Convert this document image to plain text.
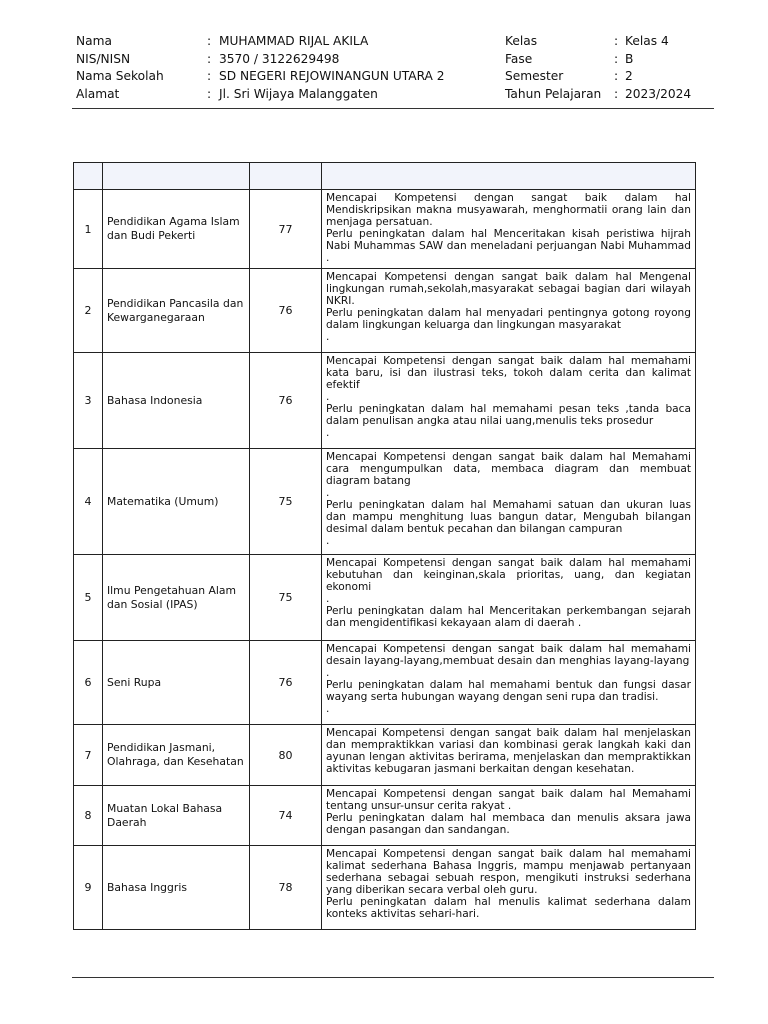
Nama	: MUHAMMAD RIJAL AKILA	Kelas	: Kelas 4
NIS/NISN	: 3570 / 3122629498	Fase	: B
Nama Sekolah	: SD NEGERI REJOWINANGUN UTARA 2	Semester	: 2
Alamat	: Jl. Sri Wijaya Malanggaten	Tahun Pelajaran : 2023/2024

1	Pendidikan Agama Islam dan Budi Pekerti	77	Mencapai Kompetensi dengan sangat baik dalam hal Mendiskripsikan makna musyawarah, menghormatii orang lain dan menjaga persatuan.

Perlu peningkatan dalam hal Menceritakan kisah peristiwa hijrah Nabi Muhammas SAW dan meneladani perjuangan Nabi Muhammad .

2	Pendidikan Pancasila dan Kewarganegaraan	76	Mencapai Kompetensi dengan sangat baik dalam hal Mengenal lingkungan rumah,sekolah,masyarakat sebagai bagian dari wilayah NKRI.

Perlu peningkatan dalam hal menyadari pentingnya gotong royong dalam lingkungan keluarga dan lingkungan masyarakat

.

3	Bahasa Indonesia	76	Mencapai Kompetensi dengan sangat baik dalam hal memahami kata baru, isi dan ilustrasi teks, tokoh dalam cerita dan kalimat efektif

.

Perlu peningkatan dalam hal memahami pesan teks ,tanda baca dalam penulisan angka atau nilai uang,menulis teks prosedur

.

4	Matematika (Umum)	75	Mencapai Kompetensi dengan sangat baik dalam hal Memahami cara mengumpulkan data, membaca diagram dan membuat diagram batang

.

Perlu peningkatan dalam hal Memahami satuan dan ukuran luas dan mampu menghitung luas bangun datar, Mengubah bilangan desimal dalam bentuk pecahan dan bilangan campuran

.

5	Ilmu Pengetahuan Alam dan Sosial (IPAS)	75	Mencapai Kompetensi dengan sangat baik dalam hal memahami kebutuhan dan keinginan,skala prioritas, uang, dan kegiatan ekonomi

.

Perlu peningkatan dalam hal Menceritakan perkembangan sejarah dan mengidentifikasi kekayaan alam di daerah .

6	Seni Rupa	76	Mencapai Kompetensi dengan sangat baik dalam hal memahami desain layang-layang,membuat desain dan menghias layang-layang

.

Perlu peningkatan dalam hal memahami bentuk dan fungsi dasar wayang serta hubungan wayang dengan seni rupa dan tradisi.

.

7	Pendidikan Jasmani, Olahraga, dan Kesehatan	80	Mencapai Kompetensi dengan sangat baik dalam hal menjelaskan dan mempraktikkan variasi dan kombinasi gerak langkah kaki dan ayunan lengan aktivitas berirama, menjelaskan dan mempraktikkan aktivitas kebugaran jasmani berkaitan dengan kesehatan.

8	Muatan Lokal Bahasa Daerah	74	Mencapai Kompetensi dengan sangat baik dalam hal Memahami tentang unsur-unsur cerita rakyat .

Perlu peningkatan dalam hal membaca dan menulis aksara jawa dengan pasangan dan sandangan.

9	Bahasa Inggris	78	Mencapai Kompetensi dengan sangat baik dalam hal memahami kalimat sederhana Bahasa Inggris, mampu menjawab pertanyaan sederhana sebagai sebuah respon, mengikuti instruksi sederhana yang diberikan secara verbal oleh guru.

Perlu peningkatan dalam hal menulis kalimat sederhana dalam konteks aktivitas sehari-hari.
